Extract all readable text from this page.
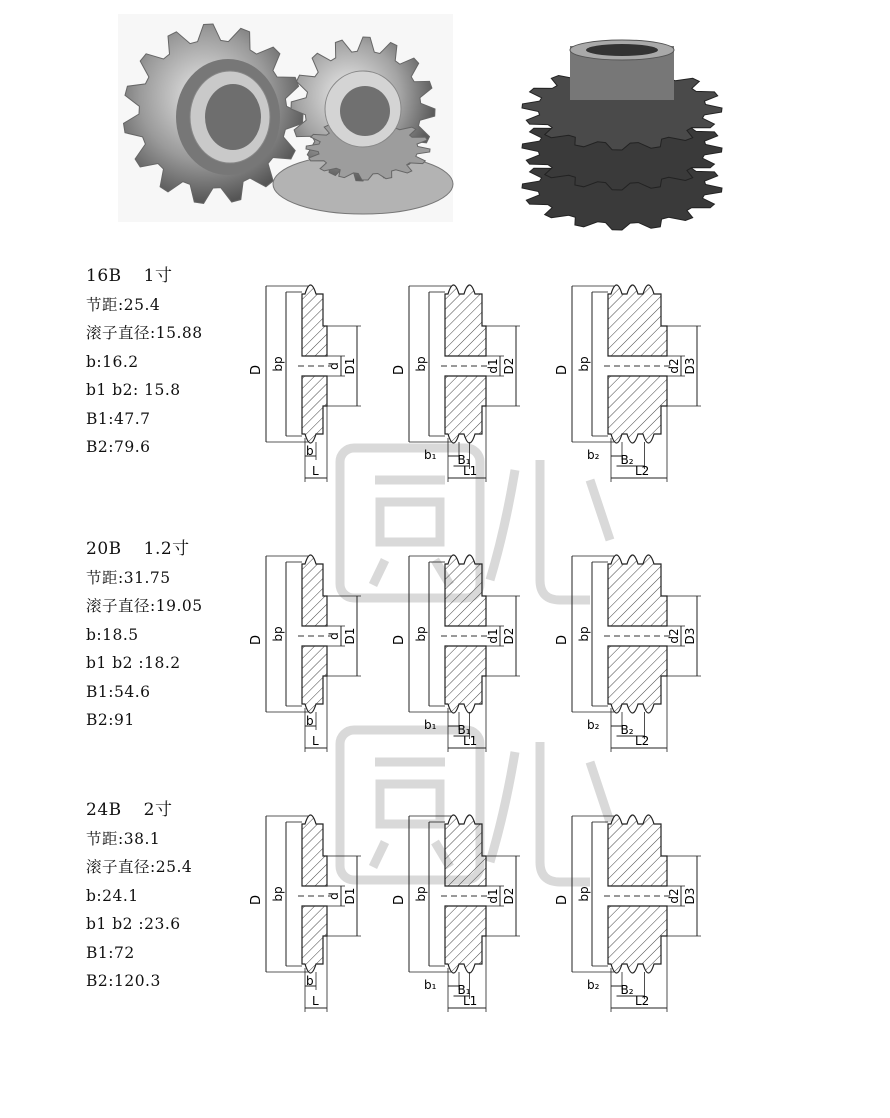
16B 1寸
节距:25.4
滚子直径:15.88
b:16.2
b1 b2: 15.8
B1:47.7
B2:79.6
20B 1.2寸
节距:31.75
滚子直径:19.05
b:18.5
b1 b2 :18.2
B1:54.6
B2:91
24B 2寸
节距:38.1
滚子直径:25.4
b:24.1
b1 b2 :23.6
B1:72
B2:120.3
D bp	d D1
b
L
D bp	d1 D2
b₁ B₁
L1
D bp	d2 D3
b₂ B₂
L2
D bp	d D1
b
L
D bp	d1 D2
b₁ B₁
L1
D bp	d2 D3
b₂ B₂
L2
D bp	d D1
b
L
D bp	d1 D2
b₁ B₁
L1
D bp	d2 D3
b₂ B₂
L2
